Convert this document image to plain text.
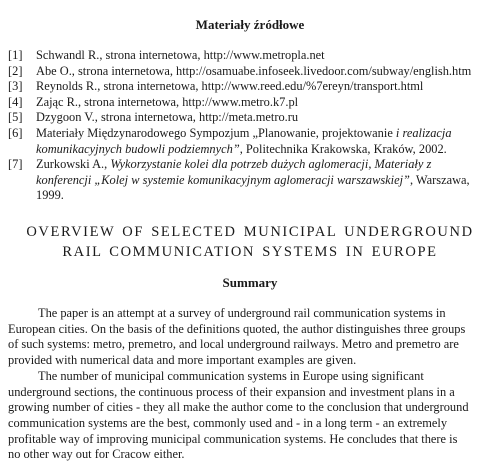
Materiały źródłowe
[1] Schwandl R., strona internetowa, http://www.metropla.net
[2] Abe O., strona internetowa, http://osamuabe.infoseek.livedoor.com/subway/english.htm
[3] Reynolds R., strona internetowa, http://www.reed.edu/%7ereyn/transport.html
[4] Zając R., strona internetowa, http://www.metro.k7.pl
[5] Dzygoon V., strona internetowa, http://meta.metro.ru
[6] Materiały Międzynarodowego Sympozjum „Planowanie, projektowanie i realizacja
komunikacyjnych budowli podziemnych”, Politechnika Krakowska, Kraków, 2002.
[7] Zurkowski A., Wykorzystanie kolei dla potrzeb dużych aglomeracji, Materiały z
konferencji „Kolej w systemie komunikacyjnym aglomeracji warszawskiej”, Warszawa,
1999.
OVERVIEW OF SELECTED MUNICIPAL UNDERGROUND
RAIL COMMUNICATION SYSTEMS IN EUROPE
Summary
The paper is an attempt at a survey of underground rail communication systems in
European cities. On the basis of the definitions quoted, the author distinguishes three groups
of such systems: metro, premetro, and local underground railways. Metro and premetro are
provided with numerical data and more important examples are given.
The number of municipal communication systems in Europe using significant
underground sections, the continuous process of their expansion and investment plans in a
growing number of cities - they all make the author come to the conclusion that underground
communication systems are the best, commonly used and - in a long term - an extremely
profitable way of improving municipal communication systems. He concludes that there is
no other way out for Cracow either.
